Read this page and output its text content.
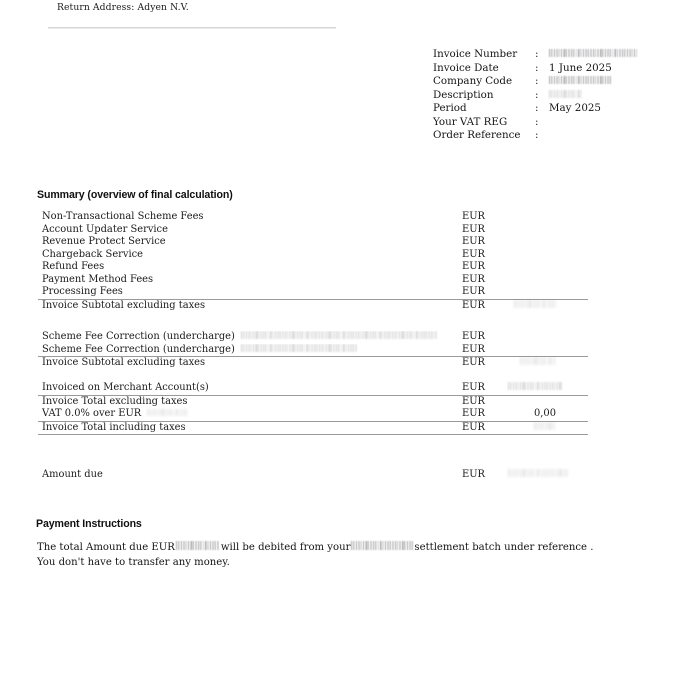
Return Address: Adyen N.V.
Invoice Number	:
Invoice Date	:	1 June 2025
Company Code	:
Description	:
Period	:	May 2025
Your VAT REG	:
Order Reference	:
Summary (overview of final calculation)
Non-Transactional Scheme Fees	EUR
Account Updater Service	EUR
Revenue Protect Service	EUR
Chargeback Service	EUR
Refund Fees	EUR
Payment Method Fees	EUR
Processing Fees	EUR
Invoice Subtotal excluding taxes	EUR
Scheme Fee Correction (undercharge)	EUR
Scheme Fee Correction (undercharge)	EUR
Invoice Subtotal excluding taxes	EUR
Invoiced on Merchant Account(s)	EUR
Invoice Total excluding taxes	EUR
VAT 0.0% over EUR	EUR	0,00
Invoice Total including taxes	EUR
Amount due	EUR
Payment Instructions
The total Amount due EUR	will be debited from your	settlement batch under reference .
You don't have to transfer any money.
